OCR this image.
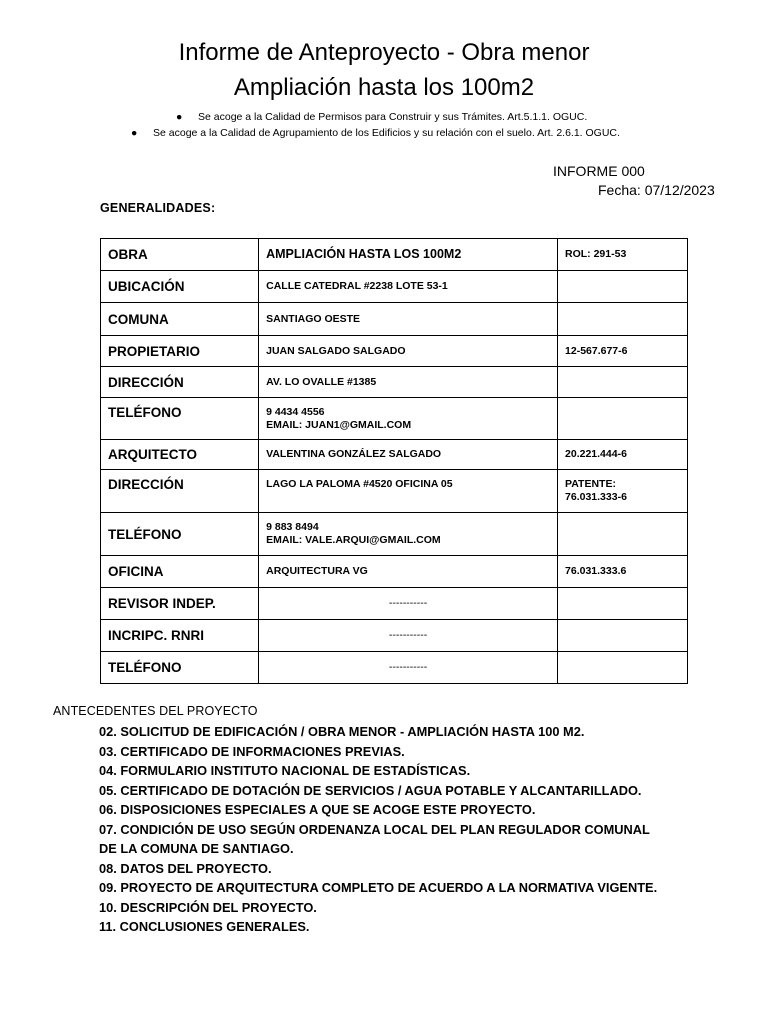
Informe de Anteproyecto - Obra menor
Ampliación hasta los 100m2
● Se acoge a la Calidad de Permisos para Construir y sus Trámites. Art.5.1.1. OGUC.
● Se acoge a la Calidad de Agrupamiento de los Edificios y su relación con el suelo. Art. 2.6.1. OGUC.
INFORME 000
Fecha: 07/12/2023
GENERALIDADES:
OBRA	AMPLIACIÓN HASTA LOS 100M2	ROL: 291-53
UBICACIÓN	CALLE CATEDRAL #2238 LOTE 53-1	
COMUNA	SANTIAGO OESTE	
PROPIETARIO	JUAN SALGADO SALGADO	12-567.677-6
DIRECCIÓN	AV. LO OVALLE #1385	
TELÉFONO	9 4434 4556
EMAIL: JUAN1@GMAIL.COM	

ARQUITECTO	VALENTINA GONZÁLEZ SALGADO	20.221.444-6
DIRECCIÓN	LAGO LA PALOMA #4520 OFICINA 05	PATENTE:
76.031.333-6

TELÉFONO	9 883 8494
EMAIL: VALE.ARQUI@GMAIL.COM	

OFICINA	ARQUITECTURA VG	76.031.333.6
REVISOR INDEP.	-----------	
INCRIPC. RNRI	-----------	
TELÉFONO	-----------	
ANTECEDENTES DEL PROYECTO
02. SOLICITUD DE EDIFICACIÓN / OBRA MENOR - AMPLIACIÓN HASTA 100 M2.
03. CERTIFICADO DE INFORMACIONES PREVIAS.
04. FORMULARIO INSTITUTO NACIONAL DE ESTADÍSTICAS.
05. CERTIFICADO DE DOTACIÓN DE SERVICIOS / AGUA POTABLE Y ALCANTARILLADO.
06. DISPOSICIONES ESPECIALES A QUE SE ACOGE ESTE PROYECTO.
07. CONDICIÓN DE USO SEGÚN ORDENANZA LOCAL DEL PLAN REGULADOR COMUNAL
DE LA COMUNA DE SANTIAGO.
08. DATOS DEL PROYECTO.
09. PROYECTO DE ARQUITECTURA COMPLETO DE ACUERDO A LA NORMATIVA VIGENTE.
10. DESCRIPCIÓN DEL PROYECTO.
11. CONCLUSIONES GENERALES.
